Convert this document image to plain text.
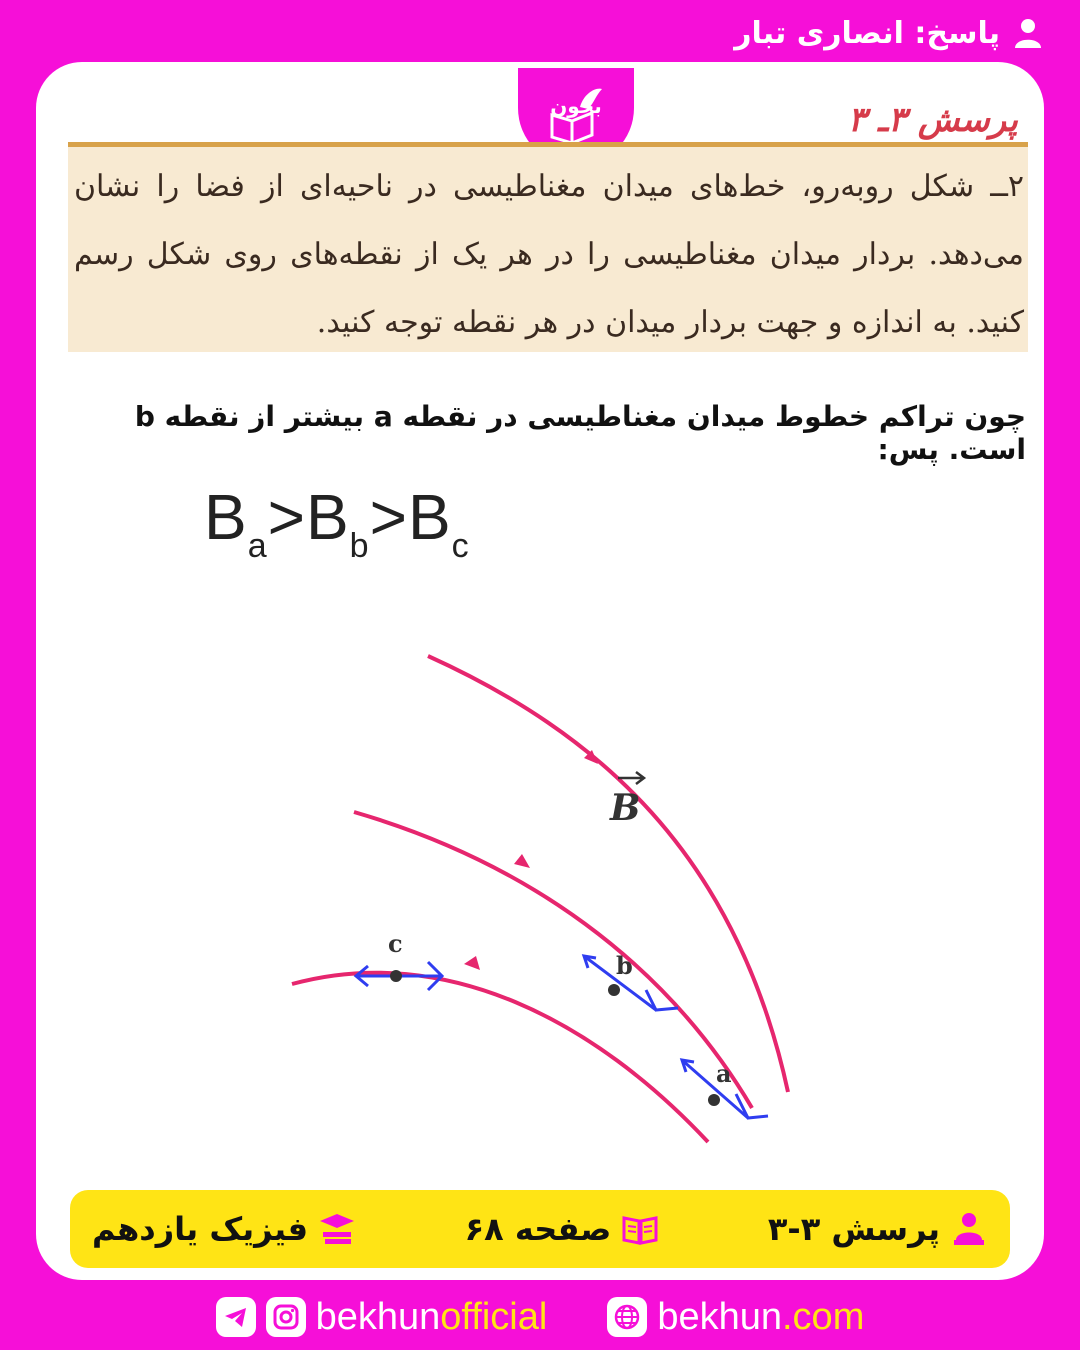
پاسخ: انصاری تبار
بخون	پرسش ۳ـ ۳
۲ــ شکل روبه‌رو، خط‌های میدان مغناطیسی در ناحیه‌ای از فضا را نشان می‌دهد. بردار میدان مغناطیسی را در هر یک از نقطه‌های روی شکل رسم کنید. به اندازه و جهت بردار میدان در هر نقطه توجه کنید.
چون تراکم خطوط میدان مغناطیسی در نقطه a بیشتر از نقطه b است. پس:
$B_a>B_b>B_c$
B
c
b
a
پرسش ۳-۳
صفحه ۶۸
فیزیک یازدهم
bekhunofficial	bekhun.com
